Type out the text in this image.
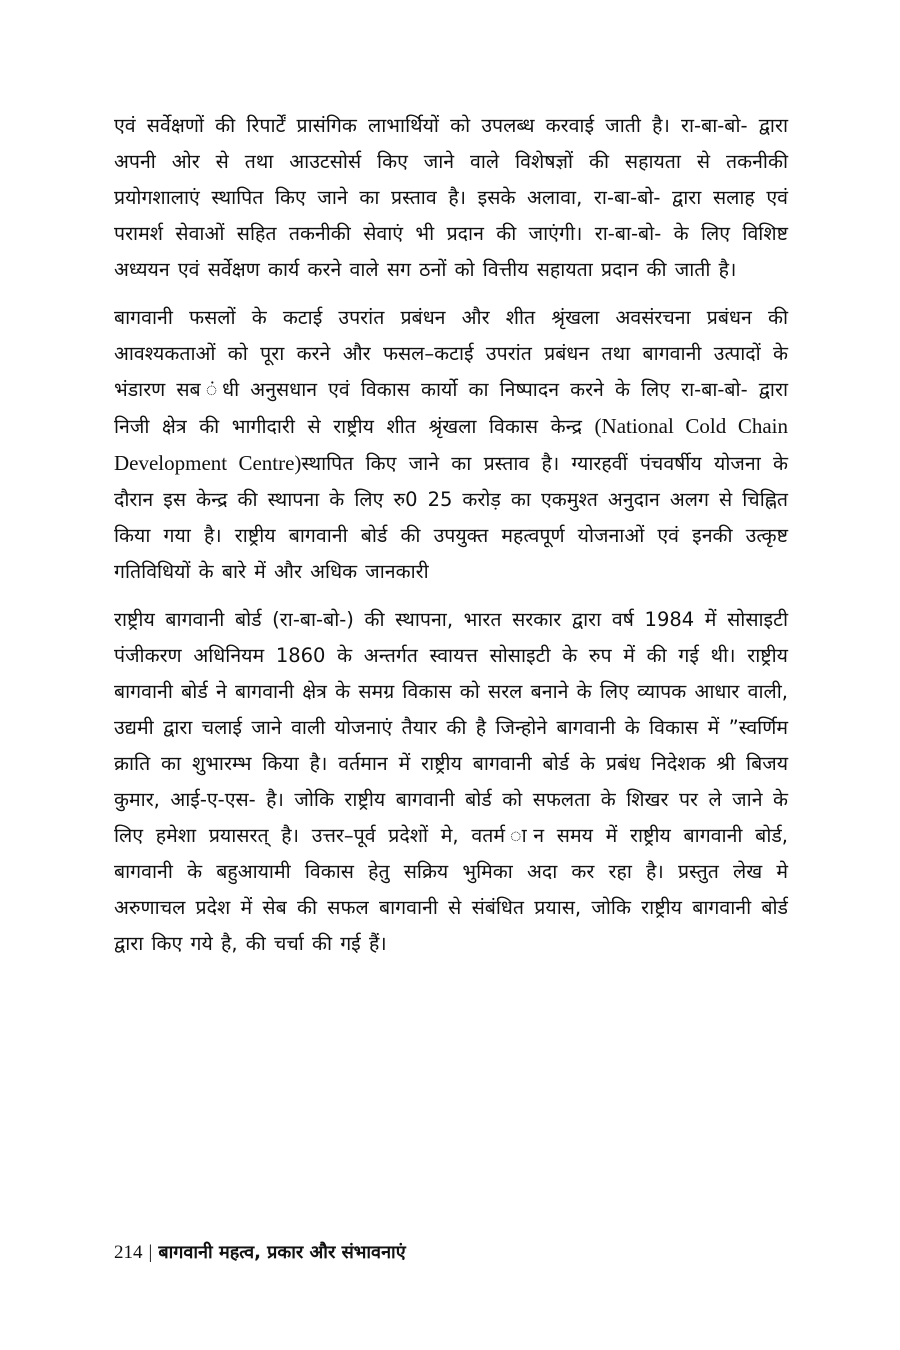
एवं सर्वेक्षणों की रिपार्टें प्रासंगिक लाभार्थियों को उपलब्ध करवाई जाती है। रा-बा-बो- द्वारा अपनी ओर से तथा आउटसोर्स किए जाने वाले विशेषज्ञों की सहायता से तकनीकी प्रयोगशालाएं स्थापित किए जाने का प्रस्ताव है। इसके अलावा, रा-बा-बो- द्वारा सलाह एवं परामर्श सेवाओं सहित तकनीकी सेवाएं भी प्रदान की जाएंगी। रा-बा-बो- के लिए विशिष्ट अध्ययन एवं सर्वेक्षण कार्य करने वाले सग ठनों को वित्तीय सहायता प्रदान की जाती है।

बागवानी फसलों के कटाई उपरांत प्रबंधन और शीत श्रृंखला अवसंरचना प्रबंधन की आवश्यकताओं को पूरा करने और फसल–कटाई उपरांत प्रबंधन तथा बागवानी उत्पादों के भंडारण सब ंधी अनुसधान एवं विकास कार्यो का निष्पादन करने के लिए रा-बा-बो- द्वारा निजी क्षेत्र की भागीदारी से राष्ट्रीय शीत श्रृंखला विकास केन्द्र (National Cold Chain Development Centre)स्थापित किए जाने का प्रस्ताव है। ग्यारहवीं पंचवर्षीय योजना के दौरान इस केन्द्र की स्थापना के लिए रु0 25 करोड़ का एकमुश्त अनुदान अलग से चिह्नित किया गया है। राष्ट्रीय बागवानी बोर्ड की उपयुक्त महत्वपूर्ण योजनाओं एवं इनकी उत्कृष्ट गतिविधियों के बारे में और अधिक जानकारी

राष्ट्रीय बागवानी बोर्ड (रा-बा-बो-) की स्थापना, भारत सरकार द्वारा वर्ष 1984 में सोसाइटी पंजीकरण अधिनियम 1860 के अन्तर्गत स्वायत्त सोसाइटी के रुप में की गई थी। राष्ट्रीय बागवानी बोर्ड ने बागवानी क्षेत्र के समग्र विकास को सरल बनाने के लिए व्यापक आधार वाली, उद्यमी द्वारा चलाई जाने वाली योजनाएं तैयार की है जिन्होने बागवानी के विकास में ”स्वर्णिम क्राति का शुभारम्भ किया है। वर्तमान में राष्ट्रीय बागवानी बोर्ड के प्रबंध निदेशक श्री बिजय कुमार, आई-ए-एस- है। जोकि राष्ट्रीय बागवानी बोर्ड को सफलता के शिखर पर ले जाने के लिए हमेशा प्रयासरत् है। उत्तर–पूर्व प्रदेशों मे, वतर्म ान समय में राष्ट्रीय बागवानी बोर्ड, बागवानी के बहुआयामी विकास हेतु सक्रिय भुमिका अदा कर रहा है। प्रस्तुत लेख मे अरुणाचल प्रदेश में सेब की सफल बागवानी से संबंधित प्रयास, जोकि राष्ट्रीय बागवानी बोर्ड द्वारा किए गये है, की चर्चा की गई हैं।

214 | बागवानी महत्व, प्रकार और संभावनाएं
